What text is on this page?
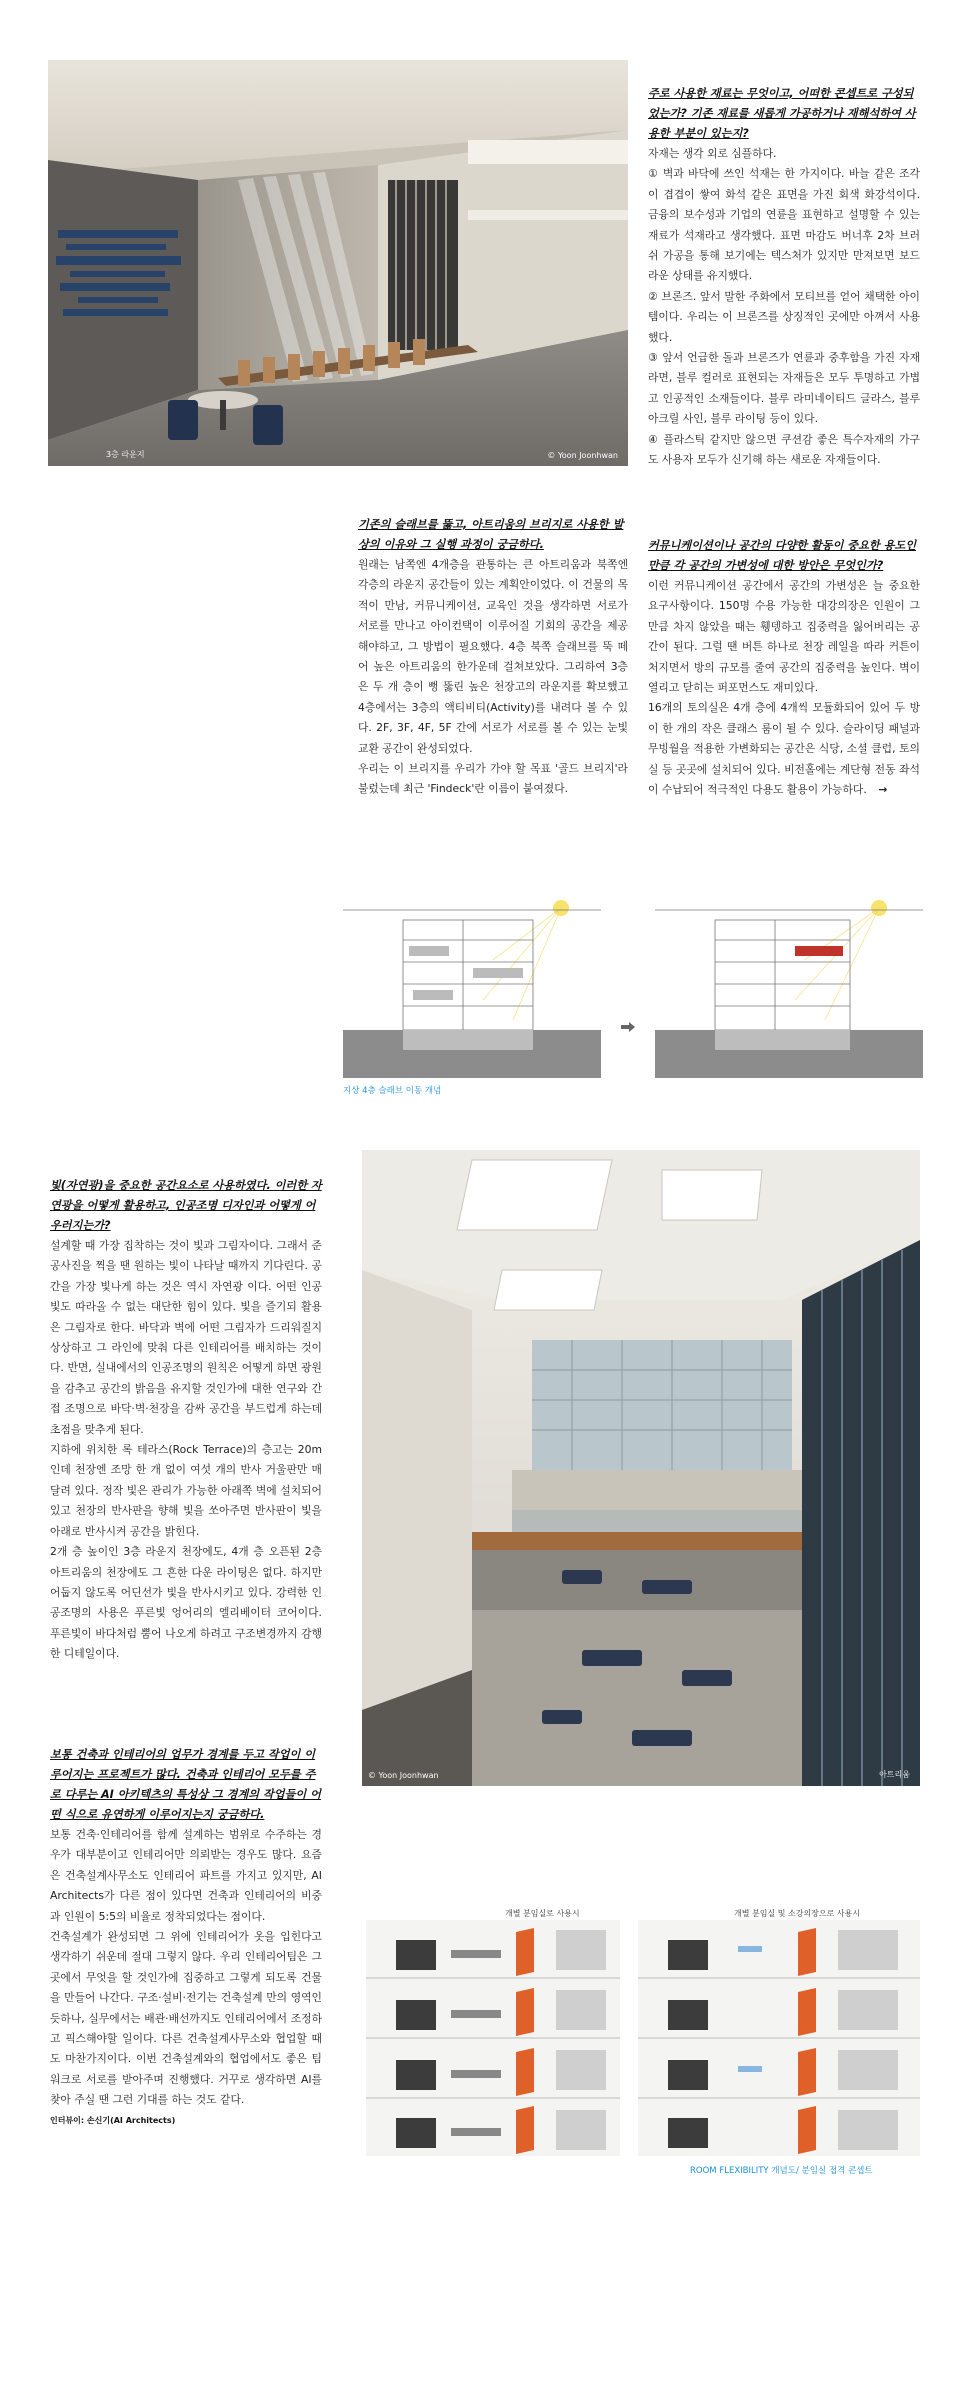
3층 라운지	© Yoon Joonhwan
주로 사용한 재료는 무엇이고, 어떠한 콘셉트로 구성되었는가? 기존 재료를 새롭게 가공하거나 재해석하여 사용한 부분이 있는지?
자재는 생각 외로 심플하다.
① 벽과 바닥에 쓰인 석재는 한 가지이다. 바늘 같은 조각이 겹겹이 쌓여 화석 같은 표면을 가진 회색 화강석이다. 금융의 보수성과 기업의 연륜을 표현하고 설명할 수 있는 재료가 석재라고 생각했다. 표면 마감도 버너후 2차 브러쉬 가공을 통해 보기에는 텍스처가 있지만 만져보면 보드라운 상태를 유지했다.
② 브론즈. 앞서 말한 주화에서 모티브를 얻어 채택한 아이템이다. 우리는 이 브론즈를 상징적인 곳에만 아껴서 사용했다.
③ 앞서 언급한 돌과 브론즈가 연륜과 중후함을 가진 자재라면, 블루 컬러로 표현되는 자재들은 모두 투명하고 가볍고 인공적인 소재들이다. 블루 라미네이티드 글라스, 블루 아크릴 사인, 블루 라이팅 등이 있다.
④ 플라스틱 같지만 않으면 쿠션감 좋은 특수자재의 가구도 사용자 모두가 신기해 하는 새로운 자재들이다.
커뮤니케이션이나 공간의 다양한 활동이 중요한 용도인 만큼 각 공간의 가변성에 대한 방안은 무엇인가?
이런 커뮤니케이션 공간에서 공간의 가변성은 늘 중요한 요구사항이다. 150명 수용 가능한 대강의장은 인원이 그만큼 차지 않았을 때는 휑뎅하고 집중력을 잃어버리는 공간이 된다. 그럴 땐 버튼 하나로 천장 레일을 따라 커튼이 처지면서 방의 규모를 줄여 공간의 집중력을 높인다. 벽이 열리고 닫히는 퍼포먼스도 재미있다.
16개의 토의실은 4개 층에 4개씩 모듈화되어 있어 두 방이 한 개의 작은 클래스 룸이 될 수 있다. 슬라이딩 패널과 무빙월을 적용한 가변화되는 공간은 식당, 소셜 클럽, 토의실 등 곳곳에 설치되어 있다. 비전홀에는 계단형 전동 좌석이 수납되어 적극적인 다용도 활용이 가능하다. →
기존의 슬래브를 뚫고, 아트리움의 브리지로 사용한 발상의 이유와 그 실행 과정이 궁금하다.
원래는 남쪽엔 4개층을 관통하는 큰 아트리움과 북쪽엔 각층의 라운지 공간들이 있는 계획안이었다. 이 건물의 목적이 만남, 커뮤니케이션, 교육인 것을 생각하면 서로가 서로를 만나고 아이컨택이 이루어질 기회의 공간을 제공해야하고, 그 방법이 필요했다. 4층 북쪽 슬래브를 뚝 떼어 높은 아트리움의 한가운데 걸쳐보았다. 그리하여 3층은 두 개 층이 뻥 뚫린 높은 천장고의 라운지를 확보했고 4층에서는 3층의 액티비티(Activity)를 내려다 볼 수 있다. 2F, 3F, 4F, 5F 간에 서로가 서로를 볼 수 있는 눈빛교환 공간이 완성되었다.
우리는 이 브리지를 우리가 가야 할 목표 '골드 브리지'라 불렀는데 최근 'Findeck'란 이름이 붙여졌다.
지상 4층 슬래브 이동 개념
© Yoon Joonhwan	아트리움
빛(자연광)을 중요한 공간요소로 사용하였다. 이러한 자연광을 어떻게 활용하고, 인공조명 디자인과 어떻게 어우러지는가?
설계할 때 가장 집착하는 것이 빛과 그림자이다. 그래서 준공사진을 찍을 땐 원하는 빛이 나타날 때까지 기다린다. 공간을 가장 빛나게 하는 것은 역시 자연광 이다. 어떤 인공빛도 따라올 수 없는 대단한 힘이 있다. 빛을 즐기되 활용은 그림자로 한다. 바닥과 벽에 어떤 그림자가 드리워질지 상상하고 그 라인에 맞춰 다른 인테리어를 배치하는 것이다. 반면, 실내에서의 인공조명의 원칙은 어떻게 하면 광원을 감추고 공간의 밝음을 유지할 것인가에 대한 연구와 간접 조명으로 바닥·벽·천장을 감싸 공간을 부드럽게 하는데 초점을 맞추게 된다.
지하에 위치한 록 테라스(Rock Terrace)의 층고는 20m인데 천장엔 조망 한 개 없이 여섯 개의 반사 거울판만 매달려 있다. 정작 빛은 관리가 가능한 아래쪽 벽에 설치되어있고 천장의 반사판을 향해 빛을 쏘아주면 반사판이 빛을 아래로 반사시켜 공간을 밝힌다.
2개 층 높이인 3층 라운지 천장에도, 4개 층 오픈된 2층 아트리움의 천장에도 그 흔한 다운 라이팅은 없다. 하지만 어둡지 않도록 어딘선가 빛을 반사시키고 있다. 강력한 인공조명의 사용은 푸른빛 엉어리의 엘리베이터 코어이다. 푸른빛이 바다처럼 뿜어 나오게 하려고 구조변경까지 감행한 디테일이다.
보통 건축과 인테리어의 업무가 경계를 두고 작업이 이루어지는 프로젝트가 많다. 건축과 인테리어 모두를 주로 다루는 AI 아키텍츠의 특성상 그 경계의 작업들이 어떤 식으로 유연하게 이루어지는지 궁금하다.
보통 건축·인테리어를 함께 설계하는 범위로 수주하는 경우가 대부분이고 인테리어만 의뢰받는 경우도 많다. 요즘은 건축설계사무소도 인테리어 파트를 가지고 있지만, AI Architects가 다른 점이 있다면 건축과 인테리어의 비중과 인원이 5:5의 비율로 정착되었다는 점이다.
건축설계가 완성되면 그 위에 인테리어가 옷을 입힌다고 생각하기 쉬운데 절대 그렇지 않다. 우리 인테리어팀은 그곳에서 무엇을 할 것인가에 집중하고 그렇게 되도록 건물을 만들어 나간다. 구조·설비·전기는 건축설계 만의 영역인 듯하나, 실무에서는 배관·배선까지도 인테리어에서 조정하고 픽스해야할 일이다. 다른 건축설계사무소와 협업할 때도 마찬가지이다. 이번 건축설계와의 협업에서도 좋은 팀워크로 서로를 받아주며 진행했다. 거꾸로 생각하면 AI를 찾아 주실 땐 그런 기대를 하는 것도 같다.
인터뷰이: 손신기(AI Architects)
개별 분임실로 사용시	개별 분임실 및 소강의장으로 사용시
ROOM FLEXIBILITY 개념도/ 분임실 접격 콘셉트
